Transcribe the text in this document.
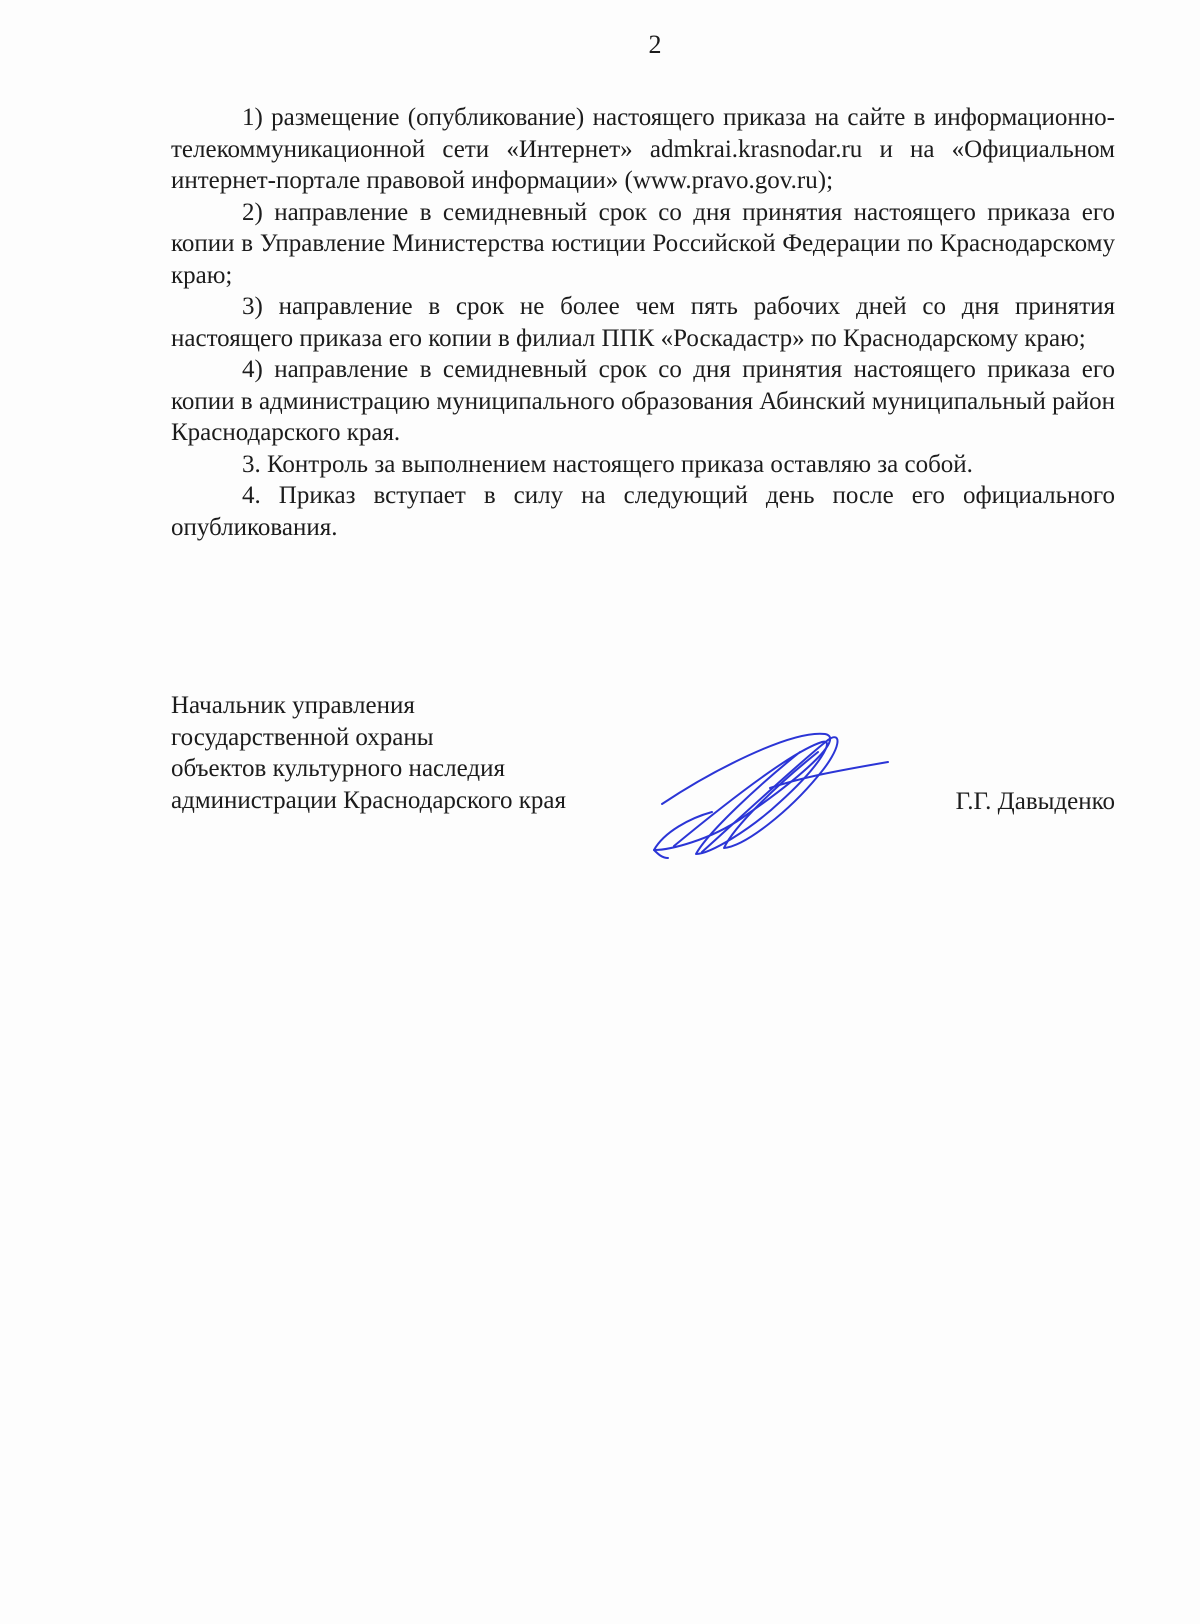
2

1) размещение (опубликование) настоящего приказа на сайте в информационно-телекоммуникационной сети «Интернет» admkrai.krasnodar.ru и на «Официальном интернет-портале правовой информации» (www.pravo.gov.ru);

2) направление в семидневный срок со дня принятия настоящего приказа его копии в Управление Министерства юстиции Российской Федерации по Краснодарскому краю;

3) направление в срок не более чем пять рабочих дней со дня принятия настоящего приказа его копии в филиал ППК «Роскадастр» по Краснодарскому краю;

4) направление в семидневный срок со дня принятия настоящего приказа его копии в администрацию муниципального образования Абинский муниципальный район Краснодарского края.

3. Контроль за выполнением настоящего приказа оставляю за собой.

4. Приказ вступает в силу на следующий день после его официального опубликования.

Начальник управления
государственной охраны
объектов культурного наследия
администрации Краснодарского края	Г.Г. Давыденко
